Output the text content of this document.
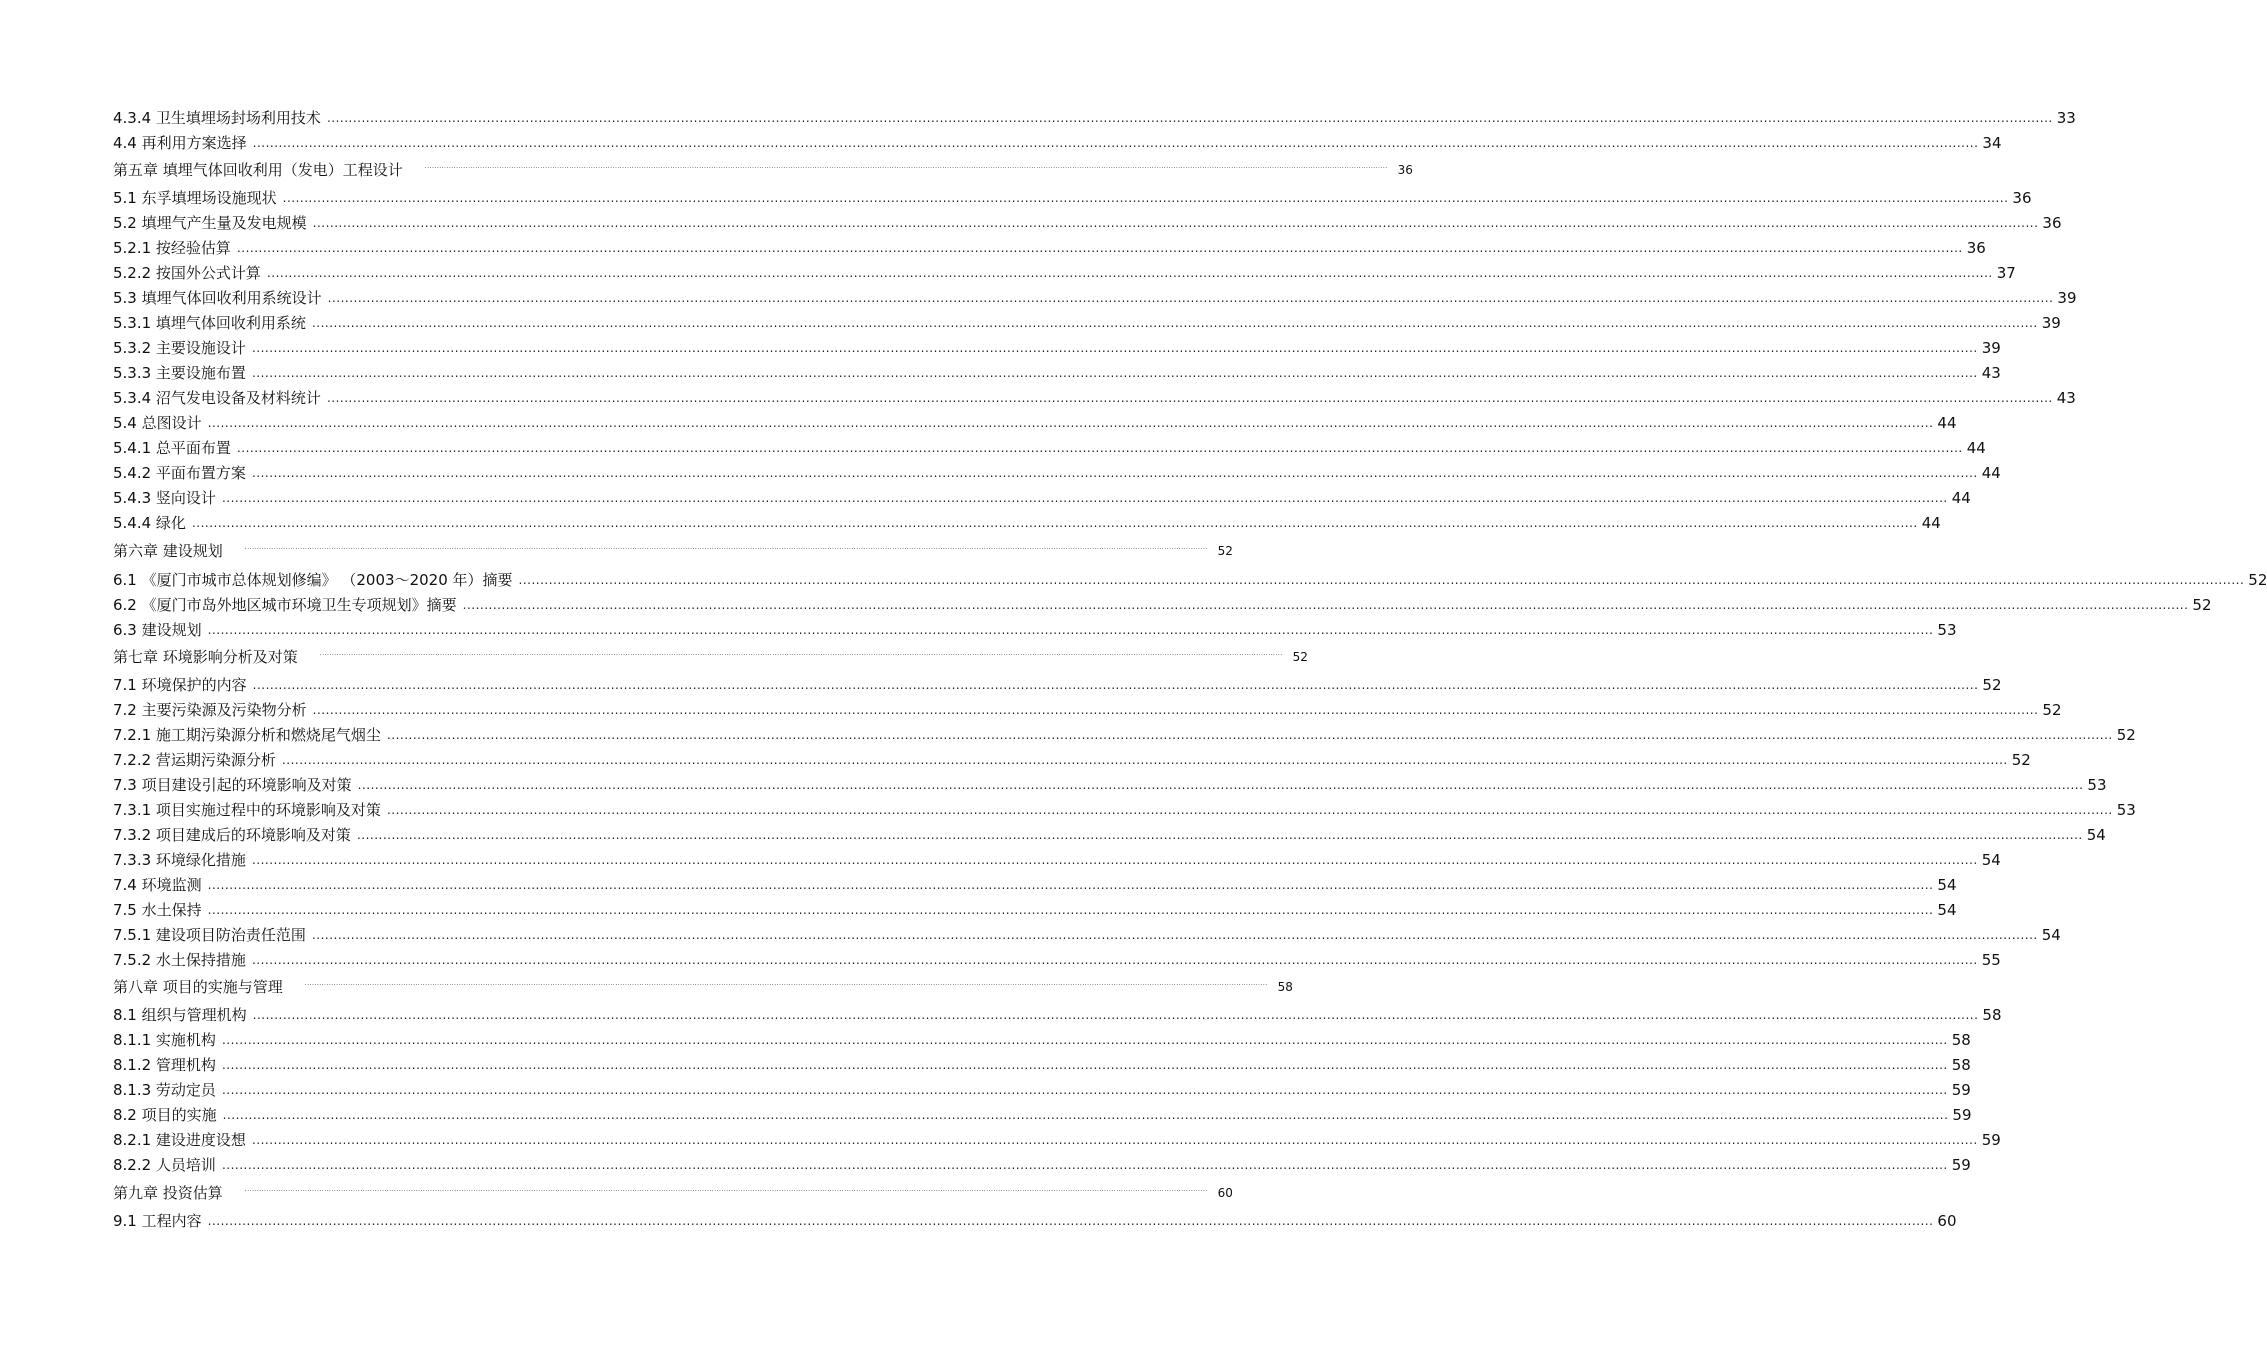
4.3.4 卫生填埋场封场利用技术 ................................................................................................................................................................................................................................................................................................................................................................................................................ 33
4.4 再利用方案选择 ................................................................................................................................................................................................................................................................................................................................................................................................................ 34
第五章 填埋气体回收利用（发电）工程设计	................................................................................................................................................................................................................................................................................................................................................................................................................ 36
5.1 东孚填埋场设施现状 ................................................................................................................................................................................................................................................................................................................................................................................................................ 36
5.2 填埋气产生量及发电规模 ................................................................................................................................................................................................................................................................................................................................................................................................................ 36
5.2.1 按经验估算 ................................................................................................................................................................................................................................................................................................................................................................................................................ 36
5.2.2 按国外公式计算 ................................................................................................................................................................................................................................................................................................................................................................................................................ 37
5.3 填埋气体回收利用系统设计 ................................................................................................................................................................................................................................................................................................................................................................................................................ 39
5.3.1 填埋气体回收利用系统 ................................................................................................................................................................................................................................................................................................................................................................................................................ 39
5.3.2 主要设施设计 ................................................................................................................................................................................................................................................................................................................................................................................................................ 39
5.3.3 主要设施布置 ................................................................................................................................................................................................................................................................................................................................................................................................................ 43
5.3.4 沼气发电设备及材料统计 ................................................................................................................................................................................................................................................................................................................................................................................................................ 43
5.4 总图设计 ................................................................................................................................................................................................................................................................................................................................................................................................................ 44
5.4.1 总平面布置 ................................................................................................................................................................................................................................................................................................................................................................................................................ 44
5.4.2 平面布置方案 ................................................................................................................................................................................................................................................................................................................................................................................................................ 44
5.4.3 竖向设计 ................................................................................................................................................................................................................................................................................................................................................................................................................ 44
5.4.4 绿化 ................................................................................................................................................................................................................................................................................................................................................................................................................ 44
第六章 建设规划	................................................................................................................................................................................................................................................................................................................................................................................................................ 52
6.1 《厦门市城市总体规划修编》 （2003～2020 年）摘要 ................................................................................................................................................................................................................................................................................................................................................................................................................ 52
6.2 《厦门市岛外地区城市环境卫生专项规划》摘要 ................................................................................................................................................................................................................................................................................................................................................................................................................ 52
6.3 建设规划 ................................................................................................................................................................................................................................................................................................................................................................................................................ 53
第七章 环境影响分析及对策	................................................................................................................................................................................................................................................................................................................................................................................................................ 52
7.1 环境保护的内容 ................................................................................................................................................................................................................................................................................................................................................................................................................ 52
7.2 主要污染源及污染物分析 ................................................................................................................................................................................................................................................................................................................................................................................................................ 52
7.2.1 施工期污染源分析和燃烧尾气烟尘 ................................................................................................................................................................................................................................................................................................................................................................................................................ 52
7.2.2 营运期污染源分析 ................................................................................................................................................................................................................................................................................................................................................................................................................ 52
7.3 项目建设引起的环境影响及对策 ................................................................................................................................................................................................................................................................................................................................................................................................................ 53
7.3.1 项目实施过程中的环境影响及对策 ................................................................................................................................................................................................................................................................................................................................................................................................................ 53
7.3.2 项目建成后的环境影响及对策 ................................................................................................................................................................................................................................................................................................................................................................................................................ 54
7.3.3 环境绿化措施 ................................................................................................................................................................................................................................................................................................................................................................................................................ 54
7.4 环境监测 ................................................................................................................................................................................................................................................................................................................................................................................................................ 54
7.5 水土保持 ................................................................................................................................................................................................................................................................................................................................................................................................................ 54
7.5.1 建设项目防治责任范围 ................................................................................................................................................................................................................................................................................................................................................................................................................ 54
7.5.2 水土保持措施 ................................................................................................................................................................................................................................................................................................................................................................................................................ 55
第八章 项目的实施与管理	................................................................................................................................................................................................................................................................................................................................................................................................................ 58
8.1 组织与管理机构 ................................................................................................................................................................................................................................................................................................................................................................................................................ 58
8.1.1 实施机构 ................................................................................................................................................................................................................................................................................................................................................................................................................ 58
8.1.2 管理机构 ................................................................................................................................................................................................................................................................................................................................................................................................................ 58
8.1.3 劳动定员 ................................................................................................................................................................................................................................................................................................................................................................................................................ 59
8.2 项目的实施 ................................................................................................................................................................................................................................................................................................................................................................................................................ 59
8.2.1 建设进度设想 ................................................................................................................................................................................................................................................................................................................................................................................................................ 59
8.2.2 人员培训 ................................................................................................................................................................................................................................................................................................................................................................................................................ 59
第九章 投资估算	................................................................................................................................................................................................................................................................................................................................................................................................................ 60
9.1 工程内容 ................................................................................................................................................................................................................................................................................................................................................................................................................ 60
